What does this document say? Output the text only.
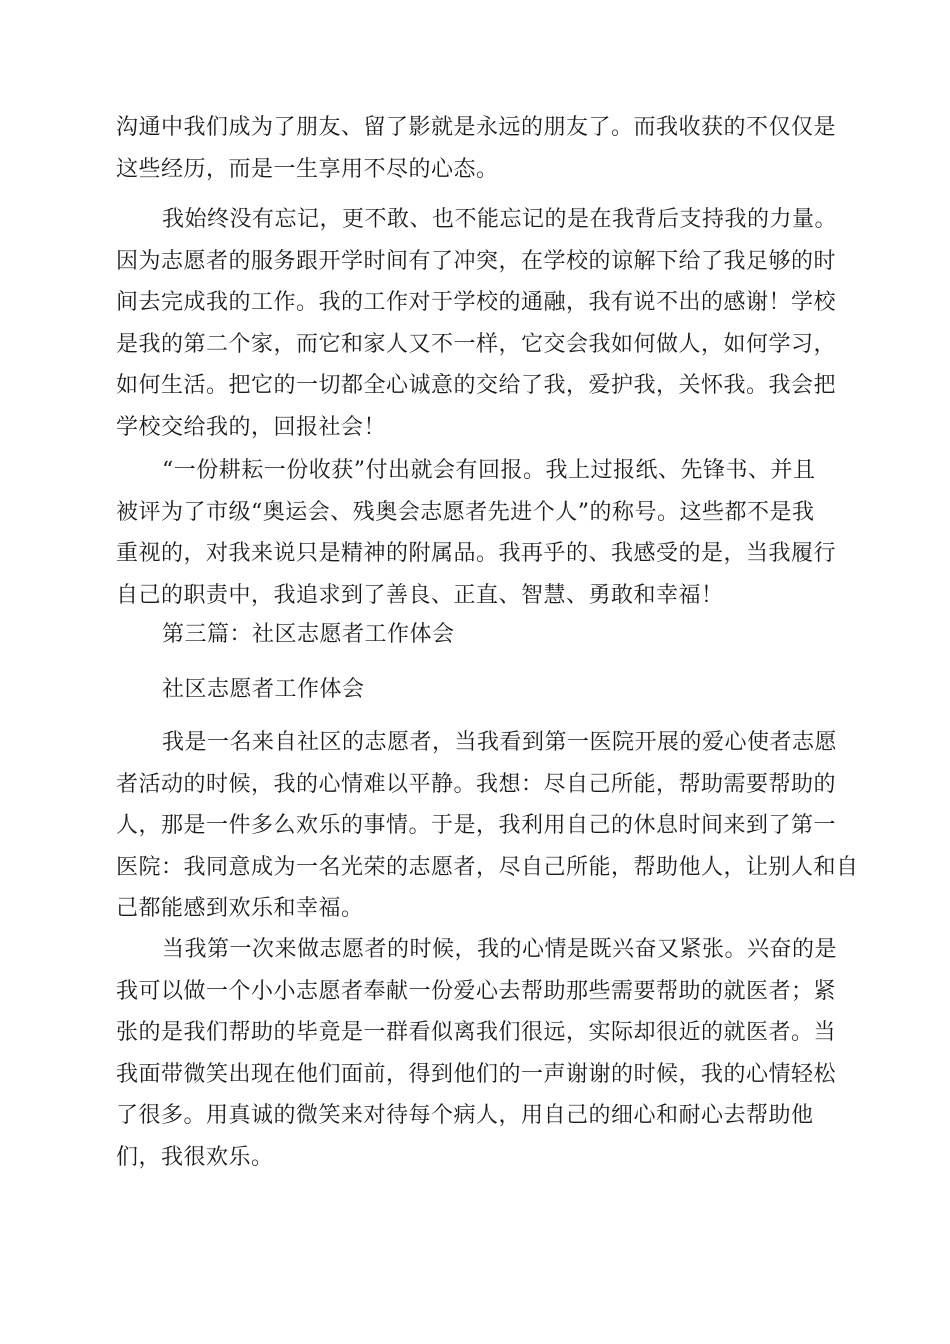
沟通中我们成为了朋友、留了影就是永远的朋友了。而我收获的不仅仅是
这些经历，而是一生享用不尽的心态。
我始终没有忘记，更不敢、也不能忘记的是在我背后支持我的力量。
因为志愿者的服务跟开学时间有了冲突，在学校的谅解下给了我足够的时
间去完成我的工作。我的工作对于学校的通融，我有说不出的感谢！学校
是我的第二个家，而它和家人又不一样，它交会我如何做人，如何学习，
如何生活。把它的一切都全心诚意的交给了我，爱护我，关怀我。我会把
学校交给我的，回报社会！
“一份耕耘一份收获”付出就会有回报。我上过报纸、先锋书、并且
被评为了市级“奥运会、残奥会志愿者先进个人”的称号。这些都不是我
重视的，对我来说只是精神的附属品。我再乎的、我感受的是，当我履行
自己的职责中，我追求到了善良、正直、智慧、勇敢和幸福！
第三篇：社区志愿者工作体会
社区志愿者工作体会
我是一名来自社区的志愿者，当我看到第一医院开展的爱心使者志愿
者活动的时候，我的心情难以平静。我想：尽自己所能，帮助需要帮助的
人，那是一件多么欢乐的事情。于是，我利用自己的休息时间来到了第一
医院：我同意成为一名光荣的志愿者，尽自己所能，帮助他人，让别人和自
己都能感到欢乐和幸福。
当我第一次来做志愿者的时候，我的心情是既兴奋又紧张。兴奋的是
我可以做一个小小志愿者奉献一份爱心去帮助那些需要帮助的就医者；紧
张的是我们帮助的毕竟是一群看似离我们很远，实际却很近的就医者。当
我面带微笑出现在他们面前，得到他们的一声谢谢的时候，我的心情轻松
了很多。用真诚的微笑来对待每个病人，用自己的细心和耐心去帮助他
们，我很欢乐。
